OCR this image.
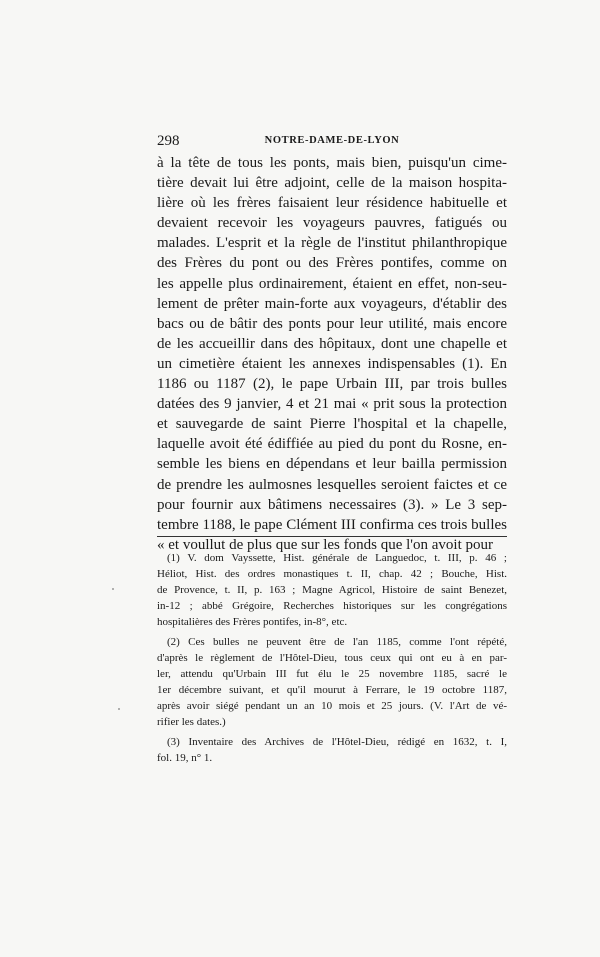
298	NOTRE-DAME-DE-LYON
à la tête de tous les ponts, mais bien, puisqu'un cime-
tière devait lui être adjoint, celle de la maison hospita-
lière où les frères faisaient leur résidence habituelle et
devaient recevoir les voyageurs pauvres, fatigués ou
malades. L'esprit et la règle de l'institut philanthropique
des Frères du pont ou des Frères pontifes, comme on
les appelle plus ordinairement, étaient en effet, non-seu-
lement de prêter main-forte aux voyageurs, d'établir des
bacs ou de bâtir des ponts pour leur utilité, mais encore
de les accueillir dans des hôpitaux, dont une chapelle et
un cimetière étaient les annexes indispensables (1). En
1186 ou 1187 (2), le pape Urbain III, par trois bulles
datées des 9 janvier, 4 et 21 mai « prit sous la protection
et sauvegarde de saint Pierre l'hospital et la chapelle,
laquelle avoit été édiffiée au pied du pont du Rosne, en-
semble les biens en dépendans et leur bailla permission
de prendre les aulmosnes lesquelles seroient faictes et ce
pour fournir aux bâtimens necessaires (3). » Le 3 sep-
tembre 1188, le pape Clément III confirma ces trois bulles
« et voullut de plus que sur les fonds que l'on avoit pour
(1) V. dom Vayssette, Hist. générale de Languedoc, t. III, p. 46 ;
Héliot, Hist. des ordres monastiques t. II, chap. 42 ; Bouche, Hist.
de Provence, t. II, p. 163 ; Magne Agricol, Histoire de saint Benezet,
in-12 ; abbé Grégoire, Recherches historiques sur les congrégations
hospitalières des Frères pontifes, in-8°, etc.
(2) Ces bulles ne peuvent être de l'an 1185, comme l'ont répété,
d'après le règlement de l'Hôtel-Dieu, tous ceux qui ont eu à en par-
ler, attendu qu'Urbain III fut élu le 25 novembre 1185, sacré le
1er décembre suivant, et qu'il mourut à Ferrare, le 19 octobre 1187,
après avoir siégé pendant un an 10 mois et 25 jours. (V. l'Art de vé-
rifier les dates.)
(3) Inventaire des Archives de l'Hôtel-Dieu, rédigé en 1632, t. I,
fol. 19, n° 1.
